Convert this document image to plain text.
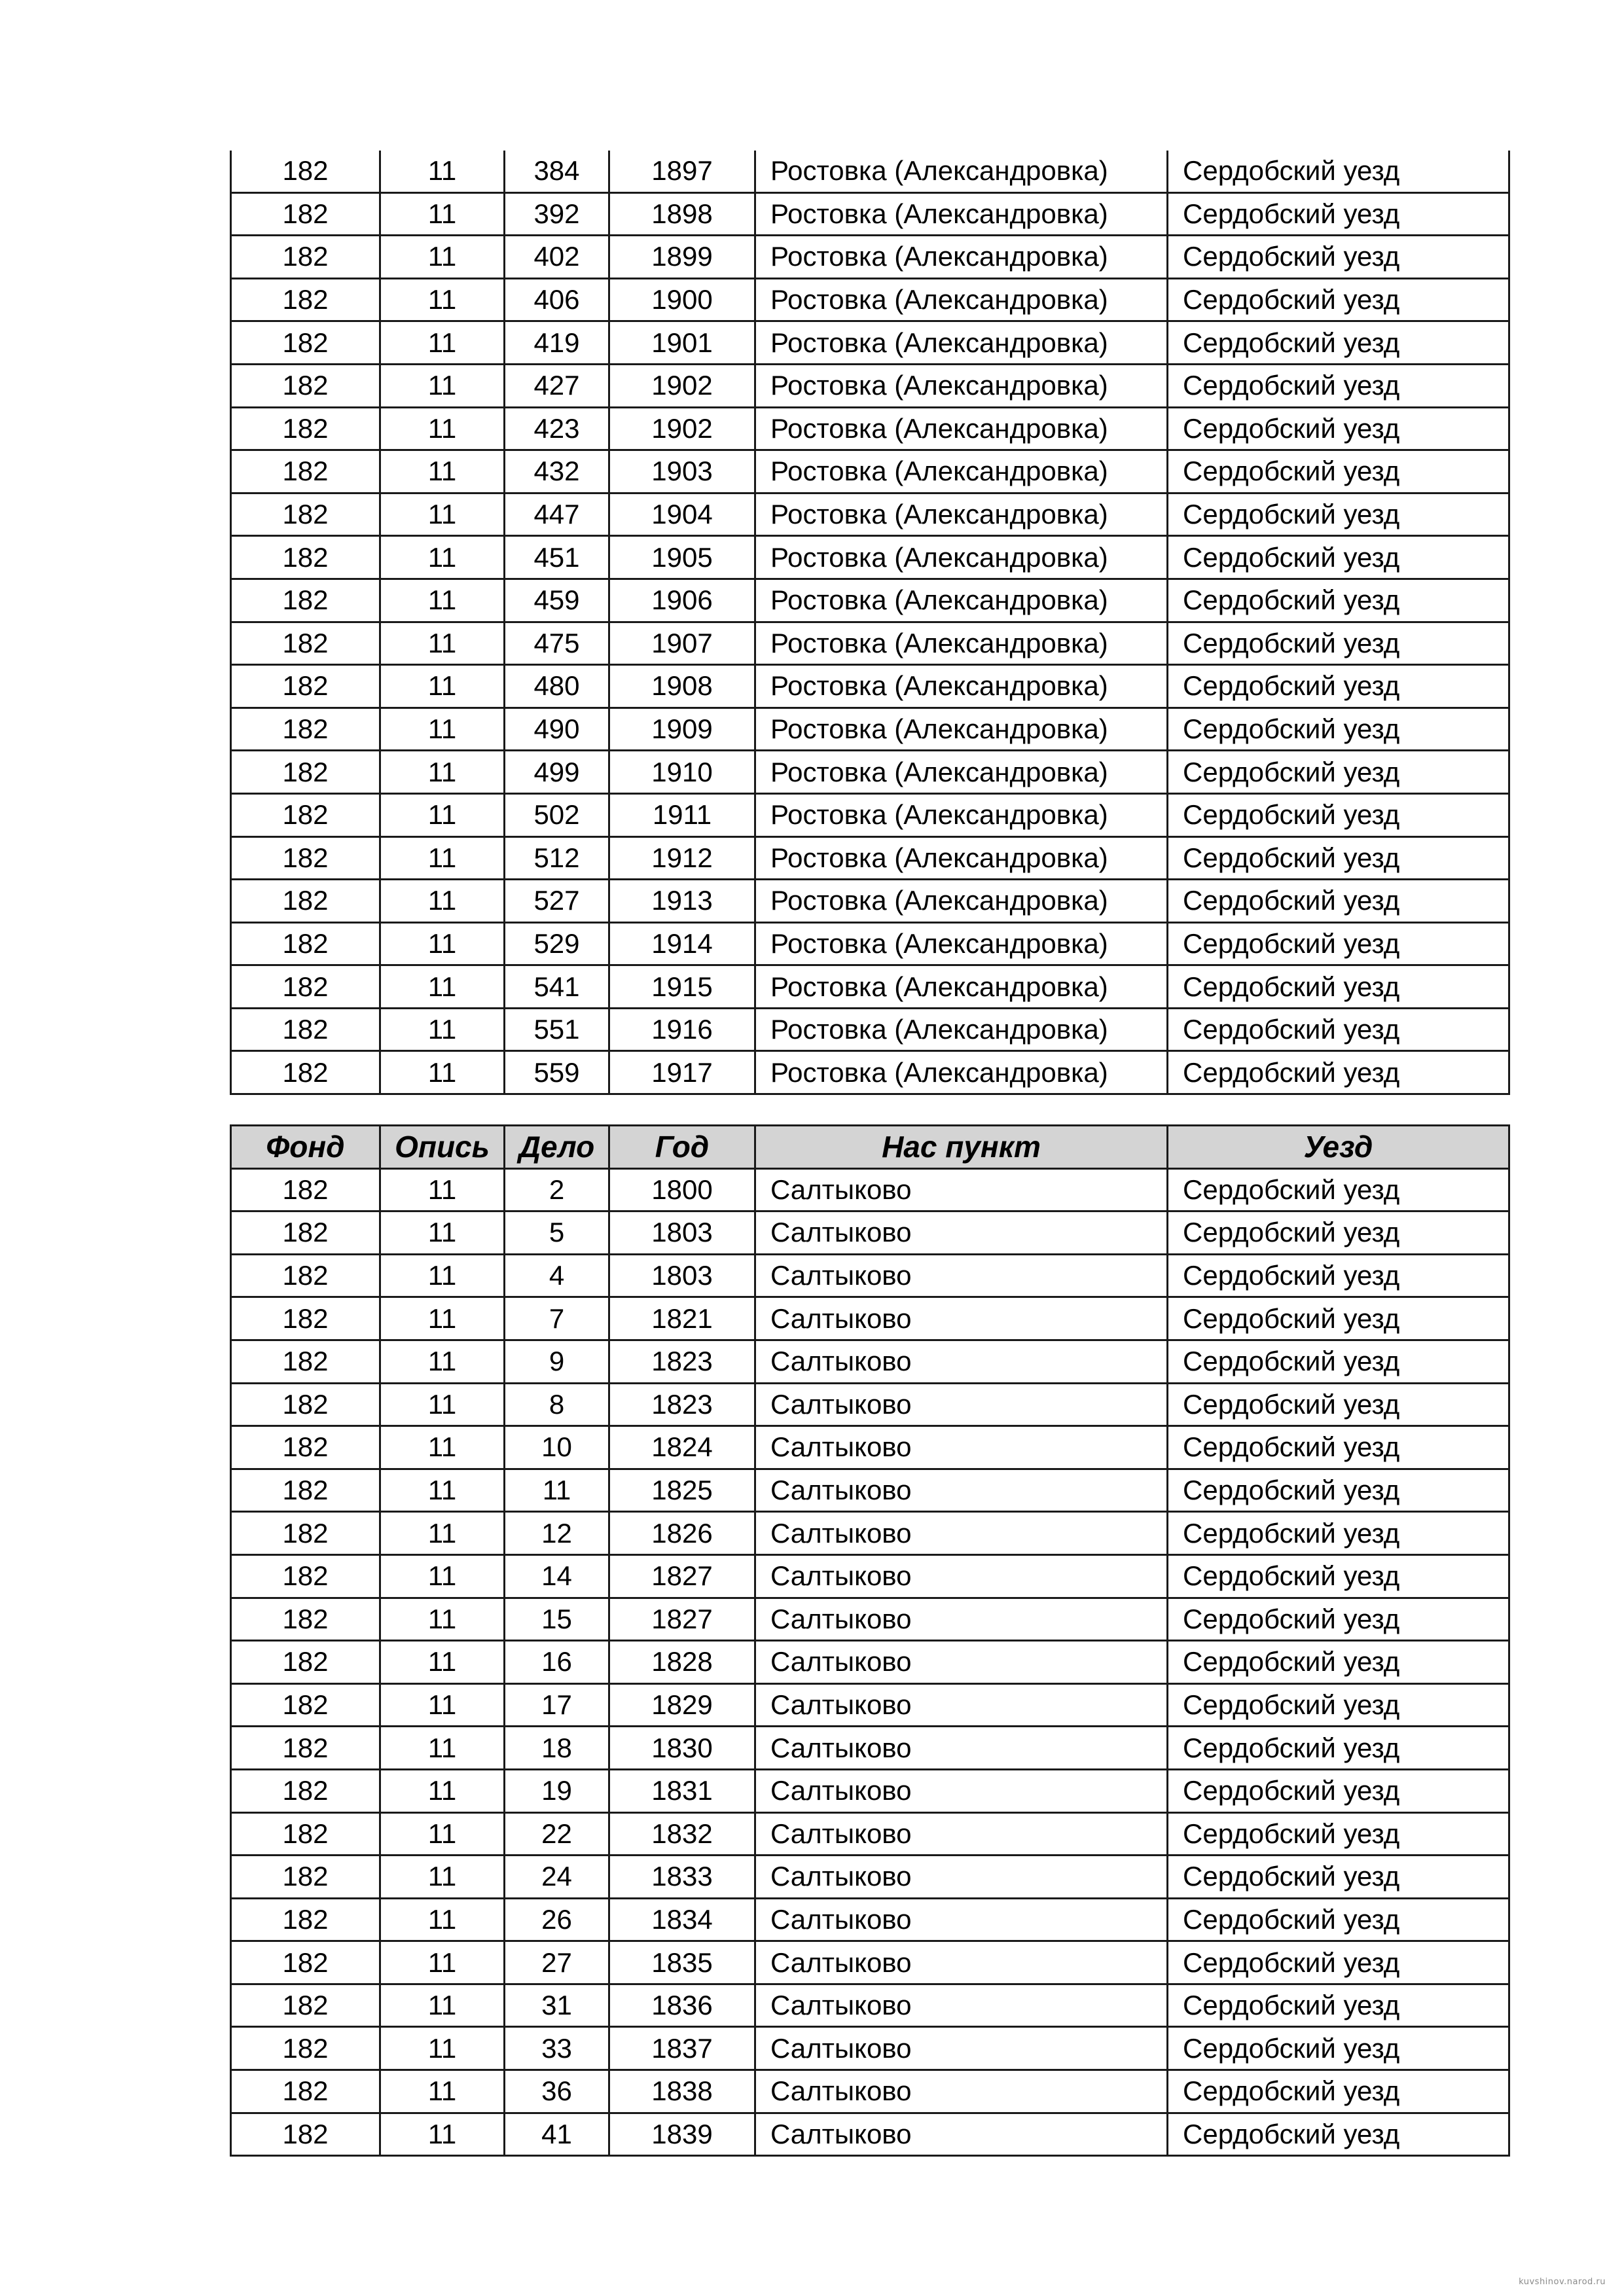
182	11	384	1897	Ростовка (Александровка)	Сердобский уезд
182	11	392	1898	Ростовка (Александровка)	Сердобский уезд
182	11	402	1899	Ростовка (Александровка)	Сердобский уезд
182	11	406	1900	Ростовка (Александровка)	Сердобский уезд
182	11	419	1901	Ростовка (Александровка)	Сердобский уезд
182	11	427	1902	Ростовка (Александровка)	Сердобский уезд
182	11	423	1902	Ростовка (Александровка)	Сердобский уезд
182	11	432	1903	Ростовка (Александровка)	Сердобский уезд
182	11	447	1904	Ростовка (Александровка)	Сердобский уезд
182	11	451	1905	Ростовка (Александровка)	Сердобский уезд
182	11	459	1906	Ростовка (Александровка)	Сердобский уезд
182	11	475	1907	Ростовка (Александровка)	Сердобский уезд
182	11	480	1908	Ростовка (Александровка)	Сердобский уезд
182	11	490	1909	Ростовка (Александровка)	Сердобский уезд
182	11	499	1910	Ростовка (Александровка)	Сердобский уезд
182	11	502	1911	Ростовка (Александровка)	Сердобский уезд
182	11	512	1912	Ростовка (Александровка)	Сердобский уезд
182	11	527	1913	Ростовка (Александровка)	Сердобский уезд
182	11	529	1914	Ростовка (Александровка)	Сердобский уезд
182	11	541	1915	Ростовка (Александровка)	Сердобский уезд
182	11	551	1916	Ростовка (Александровка)	Сердобский уезд
182	11	559	1917	Ростовка (Александровка)	Сердобский уезд
Фонд	Опись	Дело	Год	Нас пункт	Уезд
182	11	2	1800	Салтыково	Сердобский уезд
182	11	5	1803	Салтыково	Сердобский уезд
182	11	4	1803	Салтыково	Сердобский уезд
182	11	7	1821	Салтыково	Сердобский уезд
182	11	9	1823	Салтыково	Сердобский уезд
182	11	8	1823	Салтыково	Сердобский уезд
182	11	10	1824	Салтыково	Сердобский уезд
182	11	11	1825	Салтыково	Сердобский уезд
182	11	12	1826	Салтыково	Сердобский уезд
182	11	14	1827	Салтыково	Сердобский уезд
182	11	15	1827	Салтыково	Сердобский уезд
182	11	16	1828	Салтыково	Сердобский уезд
182	11	17	1829	Салтыково	Сердобский уезд
182	11	18	1830	Салтыково	Сердобский уезд
182	11	19	1831	Салтыково	Сердобский уезд
182	11	22	1832	Салтыково	Сердобский уезд
182	11	24	1833	Салтыково	Сердобский уезд
182	11	26	1834	Салтыково	Сердобский уезд
182	11	27	1835	Салтыково	Сердобский уезд
182	11	31	1836	Салтыково	Сердобский уезд
182	11	33	1837	Салтыково	Сердобский уезд
182	11	36	1838	Салтыково	Сердобский уезд
182	11	41	1839	Салтыково	Сердобский уезд
kuvshinov.narod.ru
